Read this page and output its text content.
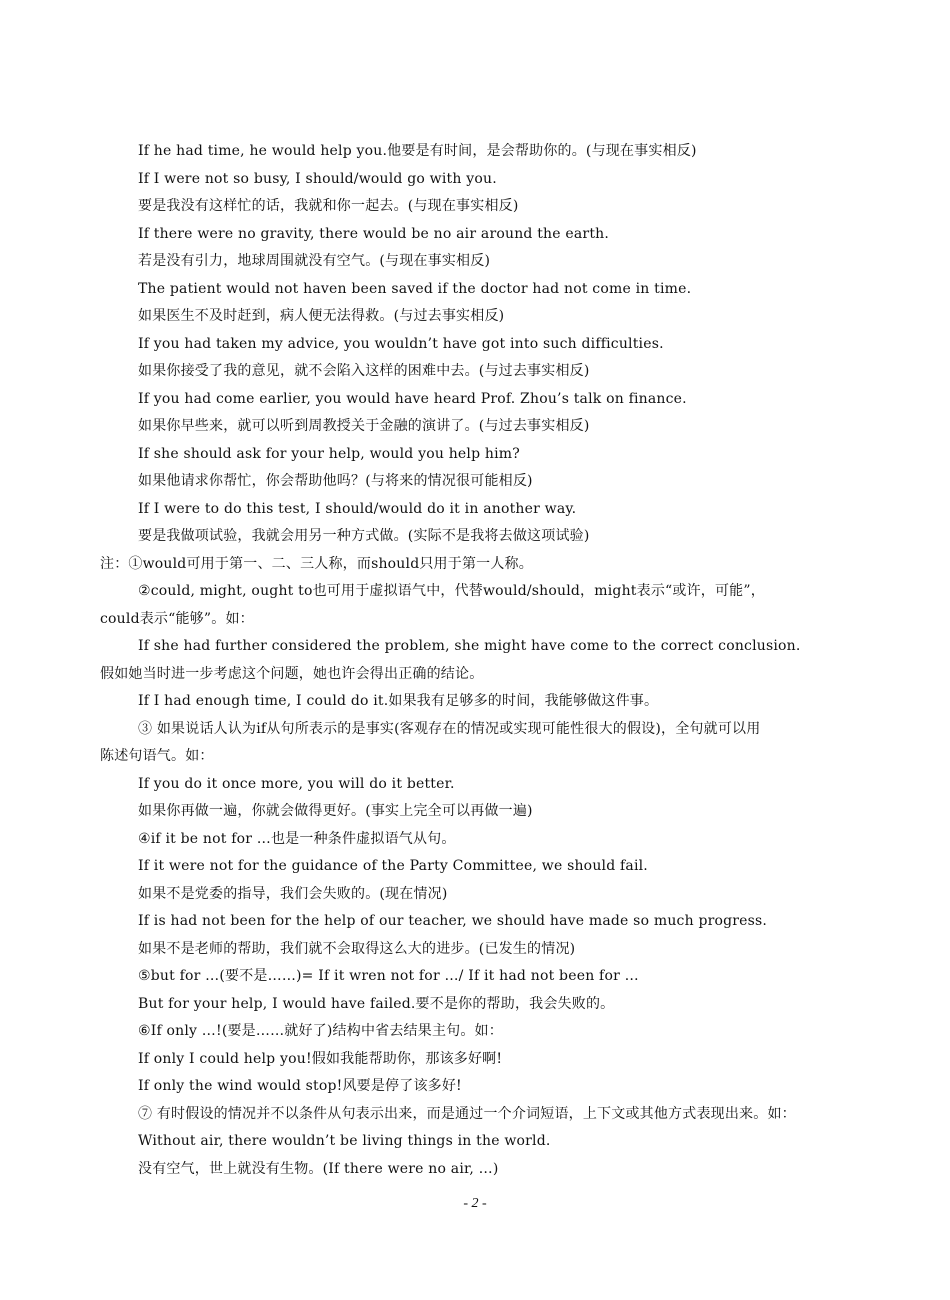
If he had time, he would help you.他要是有时间，是会帮助你的。(与现在事实相反)
If I were not so busy, I should/would go with you.
要是我没有这样忙的话，我就和你一起去。(与现在事实相反)
If there were no gravity, there would be no air around the earth.
若是没有引力，地球周围就没有空气。(与现在事实相反)
The patient would not haven been saved if the doctor had not come in time.
如果医生不及时赶到，病人便无法得救。(与过去事实相反)
If you had taken my advice, you wouldn’t have got into such difficulties.
如果你接受了我的意见，就不会陷入这样的困难中去。(与过去事实相反)
If you had come earlier, you would have heard Prof. Zhou’s talk on finance.
如果你早些来，就可以听到周教授关于金融的演讲了。(与过去事实相反)
If she should ask for your help, would you help him?
如果他请求你帮忙，你会帮助他吗？(与将来的情况很可能相反)
If I were to do this test, I should/would do it in another way.
要是我做项试验，我就会用另一种方式做。(实际不是我将去做这项试验)
注：①would可用于第一、二、三人称，而should只用于第一人称。
②could, might, ought to也可用于虚拟语气中，代替would/should，might表示“或许，可能”，
could表示“能够”。如：
If she had further considered the problem, she might have come to the correct conclusion.
假如她当时进一步考虑这个问题，她也许会得出正确的结论。
If I had enough time, I could do it.如果我有足够多的时间，我能够做这件事。
③ 如果说话人认为if从句所表示的是事实(客观存在的情况或实现可能性很大的假设)，全句就可以用
陈述句语气。如：
If you do it once more, you will do it better.
如果你再做一遍，你就会做得更好。(事实上完全可以再做一遍)
④if it be not for …也是一种条件虚拟语气从句。
If it were not for the guidance of the Party Committee, we should fail.
如果不是党委的指导，我们会失败的。(现在情况)
If is had not been for the help of our teacher, we should have made so much progress.
如果不是老师的帮助，我们就不会取得这么大的进步。(已发生的情况)
⑤but for …(要不是……)= If it wren not for …/ If it had not been for …
But for your help, I would have failed.要不是你的帮助，我会失败的。
⑥If only …!(要是……就好了)结构中省去结果主句。如：
If only I could help you!假如我能帮助你，那该多好啊!
If only the wind would stop!风要是停了该多好!
⑦ 有时假设的情况并不以条件从句表示出来，而是通过一个介词短语，上下文或其他方式表现出来。如：
Without air, there wouldn’t be living things in the world.
没有空气，世上就没有生物。(If there were no air, …)
- 2 -
